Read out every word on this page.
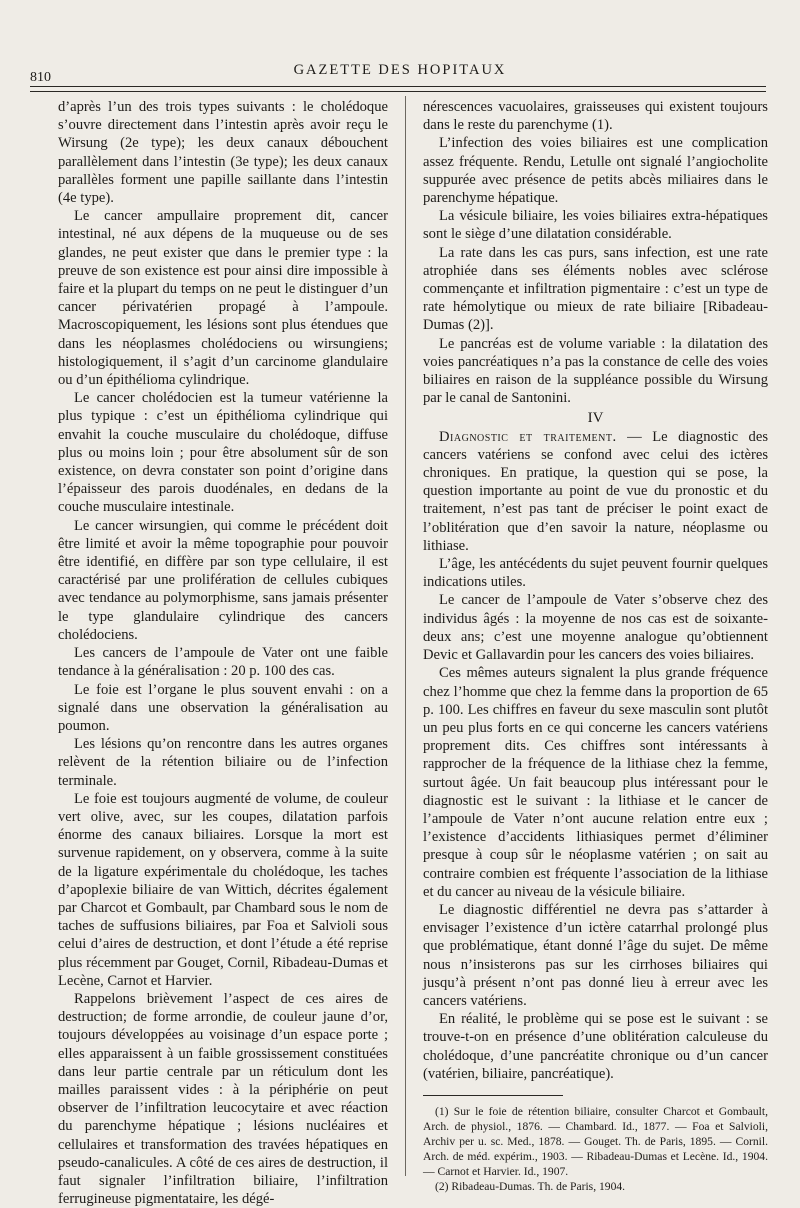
810	GAZETTE DES HOPITAUX

d’après l’un des trois types suivants : le cholédoque s’ouvre directement dans l’intestin après avoir reçu le Wirsung (2e type); les deux canaux débouchent parallèlement dans l’intestin (3e type); les deux canaux parallèles forment une papille saillante dans l’intestin (4e type).

Le cancer ampullaire proprement dit, cancer intestinal, né aux dépens de la muqueuse ou de ses glandes, ne peut exister que dans le premier type : la preuve de son existence est pour ainsi dire impossible à faire et la plupart du temps on ne peut le distinguer d’un cancer périvatérien propagé à l’ampoule. Macroscopiquement, les lésions sont plus étendues que dans les néoplasmes cholédociens ou wirsungiens; histologiquement, il s’agit d’un carcinome glandulaire ou d’un épithélioma cylindrique.

Le cancer cholédocien est la tumeur vatérienne la plus typique : c’est un épithélioma cylindrique qui envahit la couche musculaire du cholédoque, diffuse plus ou moins loin ; pour être absolument sûr de son existence, on devra constater son point d’origine dans l’épaisseur des parois duodénales, en dedans de la couche musculaire intestinale.

Le cancer wirsungien, qui comme le précédent doit être limité et avoir la même topographie pour pouvoir être identifié, en diffère par son type cellulaire, il est caractérisé par une prolifération de cellules cubiques avec tendance au polymorphisme, sans jamais présenter le type glandulaire cylindrique des cancers cholédociens.

Les cancers de l’ampoule de Vater ont une faible tendance à la généralisation : 20 p. 100 des cas.

Le foie est l’organe le plus souvent envahi : on a signalé dans une observation la généralisation au poumon.

Les lésions qu’on rencontre dans les autres organes relèvent de la rétention biliaire ou de l’infection terminale.

Le foie est toujours augmenté de volume, de couleur vert olive, avec, sur les coupes, dilatation parfois énorme des canaux biliaires. Lorsque la mort est survenue rapidement, on y observera, comme à la suite de la ligature expérimentale du cholédoque, les taches d’apoplexie biliaire de van Wittich, décrites également par Charcot et Gombault, par Chambard sous le nom de taches de suffusions biliaires, par Foa et Salvioli sous celui d’aires de destruction, et dont l’étude a été reprise plus récemment par Gouget, Cornil, Ribadeau-Dumas et Lecène, Carnot et Harvier.

Rappelons brièvement l’aspect de ces aires de destruction; de forme arrondie, de couleur jaune d’or, toujours développées au voisinage d’un espace porte ; elles apparaissent à un faible grossissement constituées dans leur partie centrale par un réticulum dont les mailles paraissent vides : à la périphérie on peut observer de l’infiltration leucocytaire et avec réaction du parenchyme hépatique ; lésions nucléaires et cellulaires et transformation des travées hépatiques en pseudo-canalicules. A côté de ces aires de destruction, il faut signaler l’infiltration biliaire, l’infiltration ferrugineuse pigmentataire, les dégé-

nérescences vacuolaires, graisseuses qui existent toujours dans le reste du parenchyme (1).

L’infection des voies biliaires est une complication assez fréquente. Rendu, Letulle ont signalé l’angiocholite suppurée avec présence de petits abcès miliaires dans le parenchyme hépatique.

La vésicule biliaire, les voies biliaires extra-hépatiques sont le siège d’une dilatation considérable.

La rate dans les cas purs, sans infection, est une rate atrophiée dans ses éléments nobles avec sclérose commençante et infiltration pigmentaire : c’est un type de rate hémolytique ou mieux de rate biliaire [Ribadeau-Dumas (2)].

Le pancréas est de volume variable : la dilatation des voies pancréatiques n’a pas la constance de celle des voies biliaires en raison de la suppléance possible du Wirsung par le canal de Santonini.

IV

Diagnostic et traitement. — Le diagnostic des cancers vatériens se confond avec celui des ictères chroniques. En pratique, la question qui se pose, la question importante au point de vue du pronostic et du traitement, n’est pas tant de préciser le point exact de l’oblitération que d’en savoir la nature, néoplasme ou lithiase.

L’âge, les antécédents du sujet peuvent fournir quelques indications utiles.

Le cancer de l’ampoule de Vater s’observe chez des individus âgés : la moyenne de nos cas est de soixante-deux ans; c’est une moyenne analogue qu’obtiennent Devic et Gallavardin pour les cancers des voies biliaires.

Ces mêmes auteurs signalent la plus grande fréquence chez l’homme que chez la femme dans la proportion de 65 p. 100. Les chiffres en faveur du sexe masculin sont plutôt un peu plus forts en ce qui concerne les cancers vatériens proprement dits. Ces chiffres sont intéressants à rapprocher de la fréquence de la lithiase chez la femme, surtout âgée. Un fait beaucoup plus intéressant pour le diagnostic est le suivant : la lithiase et le cancer de l’ampoule de Vater n’ont aucune relation entre eux ; l’existence d’accidents lithiasiques permet d’éliminer presque à coup sûr le néoplasme vatérien ; on sait au contraire combien est fréquente l’association de la lithiase et du cancer au niveau de la vésicule biliaire.

Le diagnostic différentiel ne devra pas s’attarder à envisager l’existence d’un ictère catarrhal prolongé plus que problématique, étant donné l’âge du sujet. De même nous n’insisterons pas sur les cirrhoses biliaires qui jusqu’à présent n’ont pas donné lieu à erreur avec les cancers vatériens.

En réalité, le problème qui se pose est le suivant : se trouve-t-on en présence d’une oblitération calculeuse du cholédoque, d’une pancréatite chronique ou d’un cancer (vatérien, biliaire, pancréatique).

(1) Sur le foie de rétention biliaire, consulter Charcot et Gombault, Arch. de physiol., 1876. — Chambard. Id., 1877. — Foa et Salvioli, Archiv per u. sc. Med., 1878. — Gouget. Th. de Paris, 1895. — Cornil. Arch. de méd. expérim., 1903. — Ribadeau-Dumas et Lecène. Id., 1904. — Carnot et Harvier. Id., 1907.

(2) Ribadeau-Dumas. Th. de Paris, 1904.
